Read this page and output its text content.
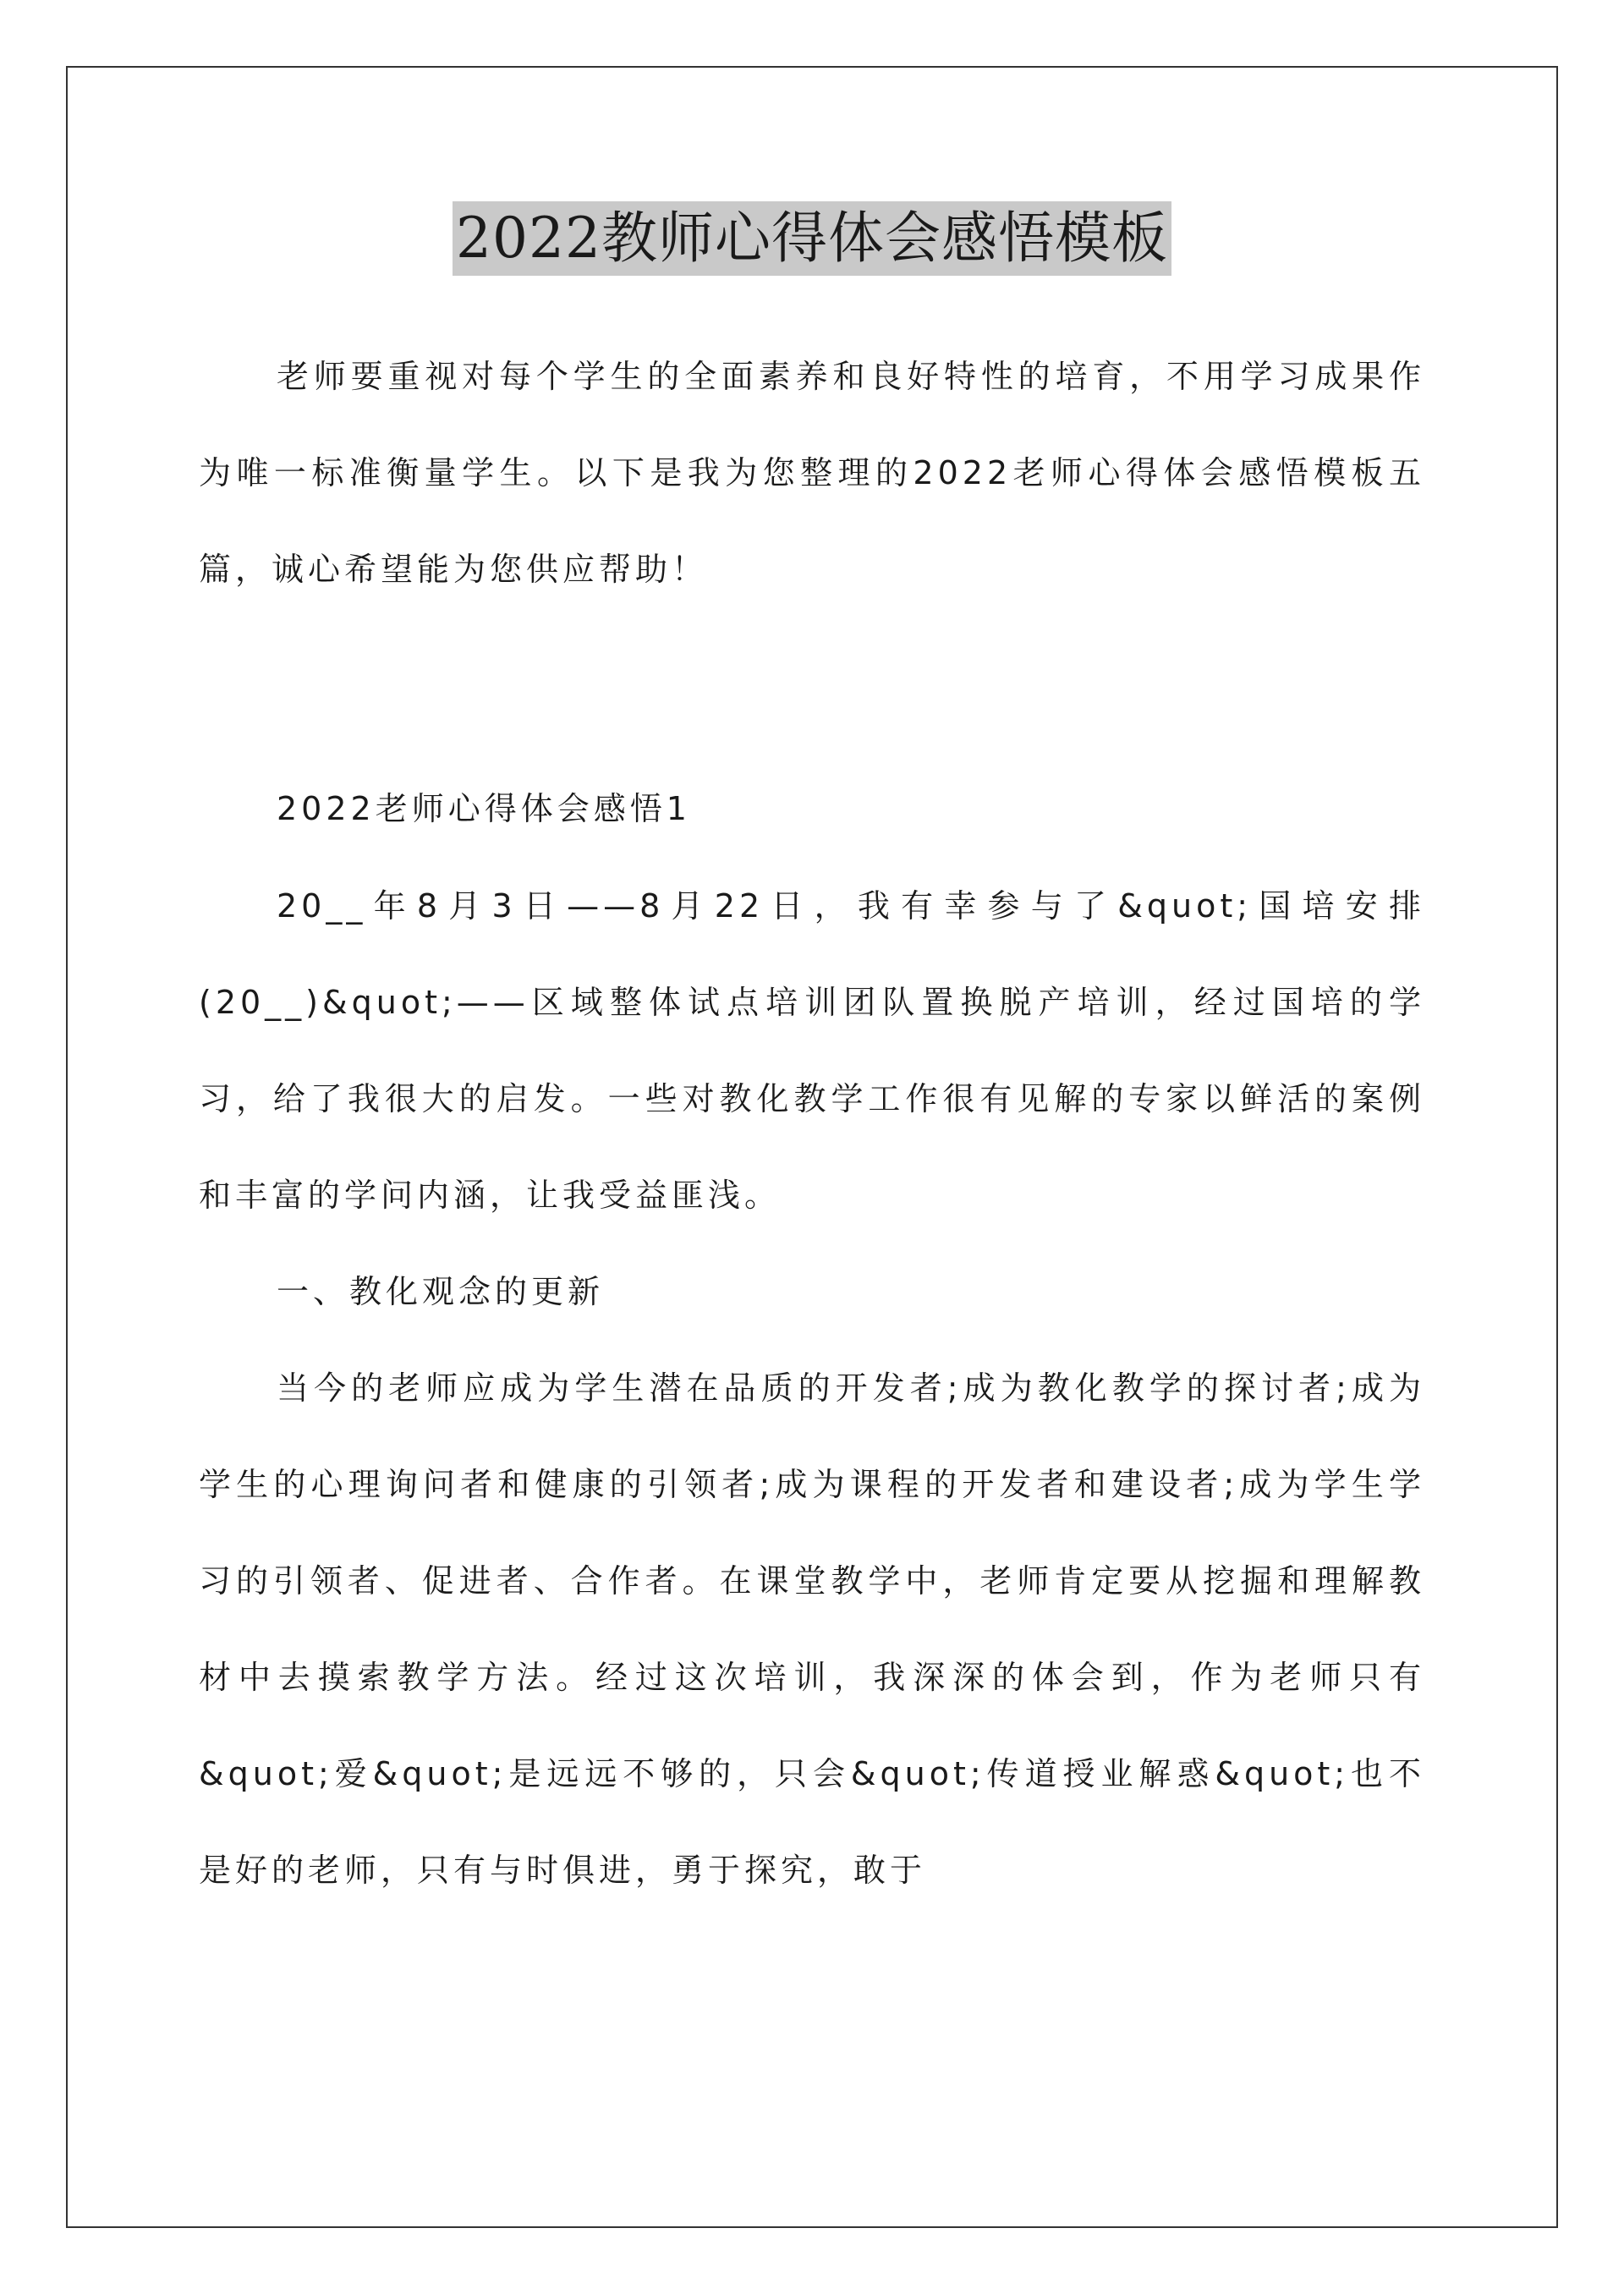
2022教师心得体会感悟模板

老师要重视对每个学生的全面素养和良好特性的培育，不用学习成果作为唯一标准衡量学生。以下是我为您整理的2022老师心得体会感悟模板五篇，诚心希望能为您供应帮助！

2022老师心得体会感悟1

20__年8月3日——8月22日，我有幸参与了&quot;国培安排(20__)&quot;——区域整体试点培训团队置换脱产培训，经过国培的学习，给了我很大的启发。一些对教化教学工作很有见解的专家以鲜活的案例和丰富的学问内涵，让我受益匪浅。

一、教化观念的更新

当今的老师应成为学生潜在品质的开发者;成为教化教学的探讨者;成为学生的心理询问者和健康的引领者;成为课程的开发者和建设者;成为学生学习的引领者、促进者、合作者。在课堂教学中，老师肯定要从挖掘和理解教材中去摸索教学方法。经过这次培训，我深深的体会到，作为老师只有&quot;爱&quot;是远远不够的，只会&quot;传道授业解惑&quot;也不是好的老师，只有与时俱进，勇于探究，敢于
